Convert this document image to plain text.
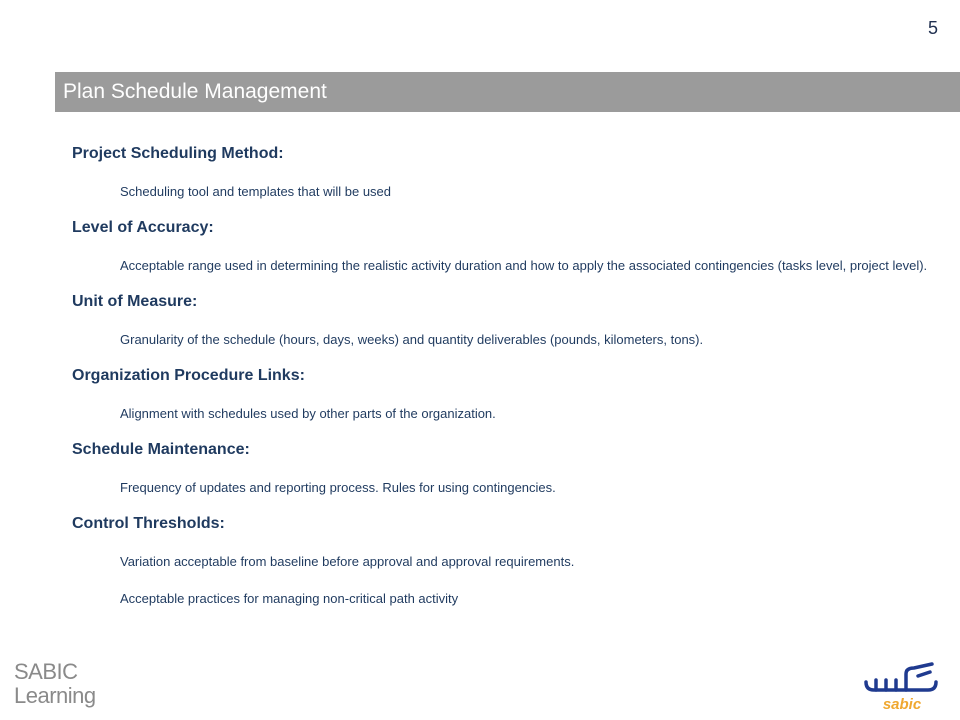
5
Plan Schedule Management
Project Scheduling Method:
Scheduling tool and templates that will be used
Level of Accuracy:
Acceptable range used in determining the realistic activity duration and how to apply the associated contingencies (tasks level, project level).
Unit of Measure:
Granularity of the schedule (hours, days, weeks) and quantity deliverables (pounds, kilometers, tons).
Organization Procedure Links:
Alignment with schedules used by other parts of the organization.
Schedule Maintenance:
Frequency of updates and reporting process. Rules for using contingencies.
Control Thresholds:
Variation acceptable from baseline before approval and approval requirements.
Acceptable practices for managing non-critical path activity
SABIC
Learning	sabic
